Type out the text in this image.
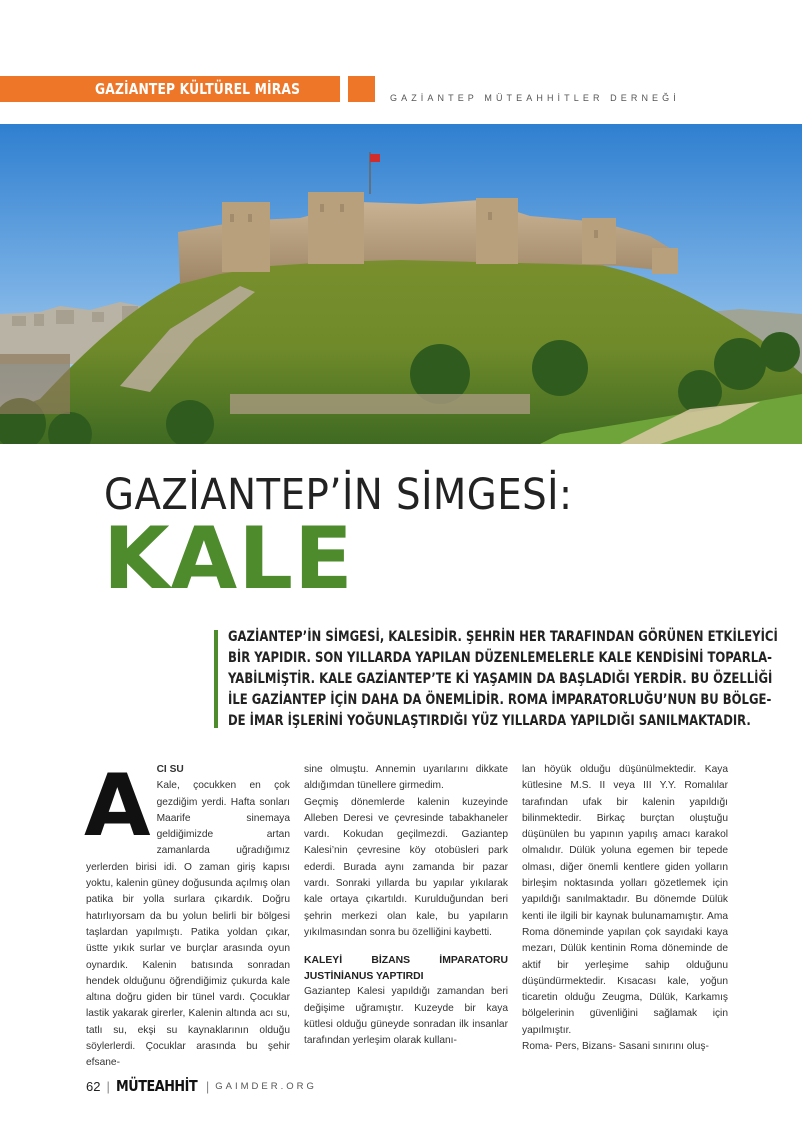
GAZİANTEP KÜLTÜREL MİRAS	GAZİANTEP MÜTEAHHİTLER DERNEĞİ
GAZİANTEP’İN SİMGESİ:
KALE
GAZİANTEP’İN SİMGESİ, KALESİDİR. ŞEHRİN HER TARAFINDAN GÖRÜNEN ETKİLEYİCİ
BİR YAPIDIR. SON YILLARDA YAPILAN DÜZENLEMELERLE KALE KENDİSİNİ TOPARLA-
YABİLMİŞTİR. KALE GAZİANTEP’TE Kİ YAŞAMIN DA BAŞLADIĞI YERDİR. BU ÖZELLİĞİ
İLE GAZİANTEP İÇİN DAHA DA ÖNEMLİDİR. ROMA İMPARATORLUĞU’NUN BU BÖLGE-
DE İMAR İŞLERİNİ YOĞUNLAŞTIRDIĞI YÜZ YILLARDA YAPILDIĞI SANILMAKTADIR.
A CI SU

Kale, çocukken en çok gezdiğim yerdi. Hafta sonları Maarife sinemaya geldiğimizde artan zamanlarda uğradığımız yerlerden birisi idi. O zaman giriş kapısı yoktu, kalenin güney doğusunda açılmış olan patika bir yolla surlara çıkardık. Doğru hatırlıyorsam da bu yolun belirli bir bölgesi taşlardan yapılmıştı. Patika yoldan çıkar, üstte yıkık surlar ve burçlar arasında oyun oynardık. Kalenin batısında sonradan hendek olduğunu öğrendiğimiz çukurda kale altına doğru giden bir tünel vardı. Çocuklar lastik yakarak girerler, Kalenin altında acı su, tatlı su, ekşi su kaynaklarının olduğu söylerlerdi. Çocuklar arasında bu şehir efsane-

sine olmuştu. Annemin uyarılarını dikkate aldığımdan tünellere girmedim.

Geçmiş dönemlerde kalenin kuzeyinde Alleben Deresi ve çevresinde tabakhaneler vardı. Kokudan geçilmezdi. Gaziantep Kalesi’nin çevresine köy otobüsleri park ederdi. Burada aynı zamanda bir pazar vardı. Sonraki yıllarda bu yapılar yıkılarak kale ortaya çıkartıldı. Kurulduğundan beri şehrin merkezi olan kale, bu yapıların yıkılmasından sonra bu özelliğini kaybetti.

KALEYİ BİZANS İMPARATORU JUSTİNİANUS YAPTIRDI

Gaziantep Kalesi yapıldığı zamandan beri değişime uğramıştır. Kuzeyde bir kaya kütlesi olduğu güneyde sonradan ilk insanlar tarafından yerleşim olarak kullanı-

lan höyük olduğu düşünülmektedir. Kaya kütlesine M.S. II veya III Y.Y. Romalılar tarafından ufak bir kalenin yapıldığı bilinmektedir. Birkaç burçtan oluştuğu düşünülen bu yapının yapılış amacı karakol olmalıdır. Dülük yoluna egemen bir tepede olması, diğer önemli kentlere giden yolların birleşim noktasında yolları gözetlemek için yapıldığı sanılmaktadır. Bu dönemde Dülük kenti ile ilgili bir kaynak bulunamamıştır. Ama Roma döneminde yapılan çok sayıdaki kaya mezarı, Dülük kentinin Roma döneminde de aktif bir yerleşime sahip olduğunu düşündürmektedir. Kısacası kale, yoğun ticaretin olduğu Zeugma, Dülük, Karkamış bölgelerinin güvenliğini sağlamak için yapılmıştır.

Roma- Pers, Bizans- Sasani sınırını oluş-

62 | MÜTEAHHİT | GAIMDER.ORG
